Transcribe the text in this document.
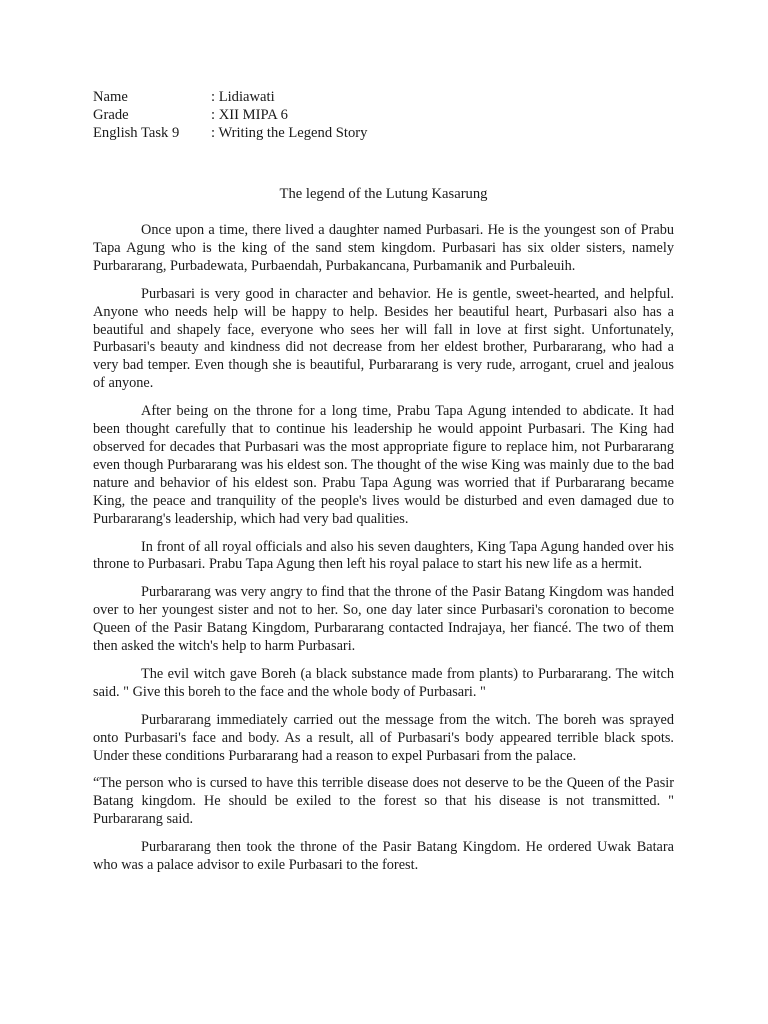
Name	: Lidiawati
Grade	: XII MIPA 6
English Task 9	: Writing the Legend Story
The legend of the Lutung Kasarung

Once upon a time, there lived a daughter named Purbasari. He is the youngest son of Prabu Tapa Agung who is the king of the sand stem kingdom. Purbasari has six older sisters, namely Purbararang, Purbadewata, Purbaendah, Purbakancana, Purbamanik and Purbaleuih.

Purbasari is very good in character and behavior. He is gentle, sweet-hearted, and helpful. Anyone who needs help will be happy to help. Besides her beautiful heart, Purbasari also has a beautiful and shapely face, everyone who sees her will fall in love at first sight. Unfortunately, Purbasari's beauty and kindness did not decrease from her eldest brother, Purbararang, who had a very bad temper. Even though she is beautiful, Purbararang is very rude, arrogant, cruel and jealous of anyone.

After being on the throne for a long time, Prabu Tapa Agung intended to abdicate. It had been thought carefully that to continue his leadership he would appoint Purbasari. The King had observed for decades that Purbasari was the most appropriate figure to replace him, not Purbararang even though Purbararang was his eldest son. The thought of the wise King was mainly due to the bad nature and behavior of his eldest son. Prabu Tapa Agung was worried that if Purbararang became King, the peace and tranquility of the people's lives would be disturbed and even damaged due to Purbararang's leadership, which had very bad qualities.

In front of all royal officials and also his seven daughters, King Tapa Agung handed over his throne to Purbasari. Prabu Tapa Agung then left his royal palace to start his new life as a hermit.

Purbararang was very angry to find that the throne of the Pasir Batang Kingdom was handed over to her youngest sister and not to her. So, one day later since Purbasari's coronation to become Queen of the Pasir Batang Kingdom, Purbararang contacted Indrajaya, her fiancé. The two of them then asked the witch's help to harm Purbasari.

The evil witch gave Boreh (a black substance made from plants) to Purbararang. The witch said. " Give this boreh to the face and the whole body of Purbasari. "

Purbararang immediately carried out the message from the witch. The boreh was sprayed onto Purbasari's face and body. As a result, all of Purbasari's body appeared terrible black spots. Under these conditions Purbararang had a reason to expel Purbasari from the palace.

“The person who is cursed to have this terrible disease does not deserve to be the Queen of the Pasir Batang kingdom. He should be exiled to the forest so that his disease is not transmitted. " Purbararang said.

Purbararang then took the throne of the Pasir Batang Kingdom. He ordered Uwak Batara who was a palace advisor to exile Purbasari to the forest.
